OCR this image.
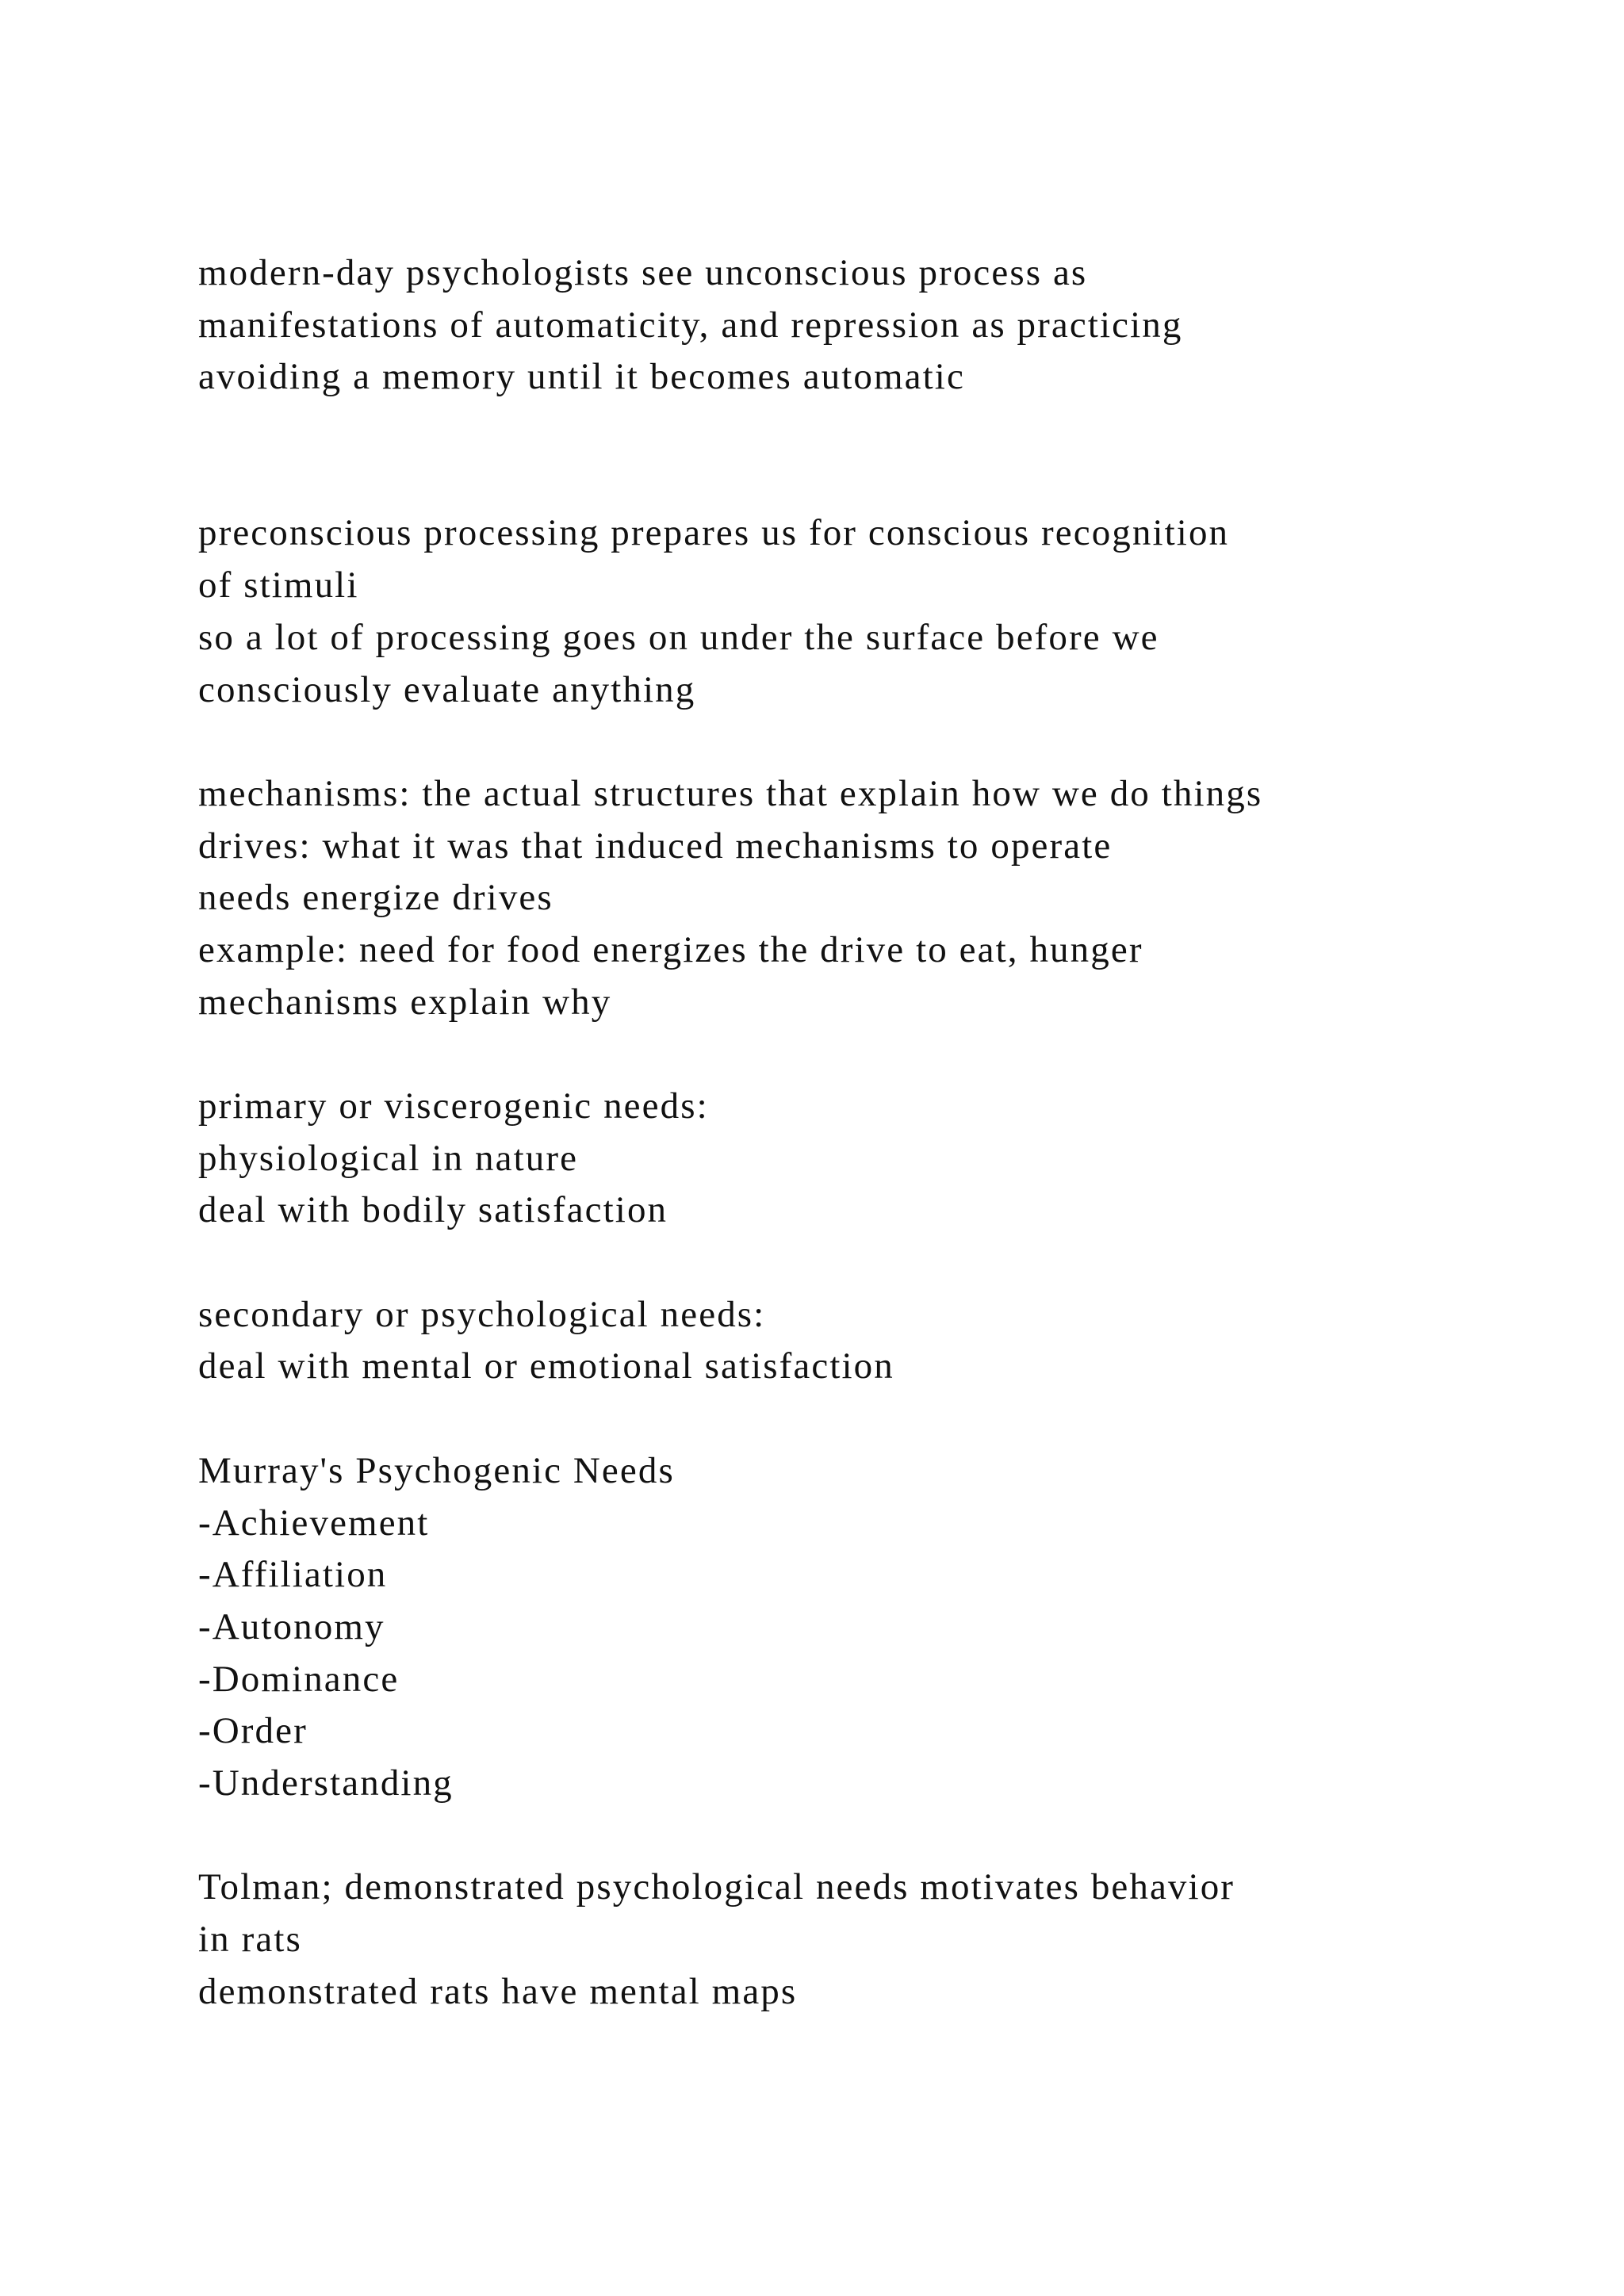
modern-day psychologists see unconscious process as
manifestations of automaticity, and repression as practicing
avoiding a memory until it becomes automatic
preconscious processing prepares us for conscious recognition
of stimuli
so a lot of processing goes on under the surface before we
consciously evaluate anything
mechanisms: the actual structures that explain how we do things
drives: what it was that induced mechanisms to operate
needs energize drives
example: need for food energizes the drive to eat, hunger
mechanisms explain why
primary or viscerogenic needs:
physiological in nature
deal with bodily satisfaction
secondary or psychological needs:
deal with mental or emotional satisfaction
Murray's Psychogenic Needs
-Achievement
-Affiliation
-Autonomy
-Dominance
-Order
-Understanding
Tolman; demonstrated psychological needs motivates behavior
in rats
demonstrated rats have mental maps
